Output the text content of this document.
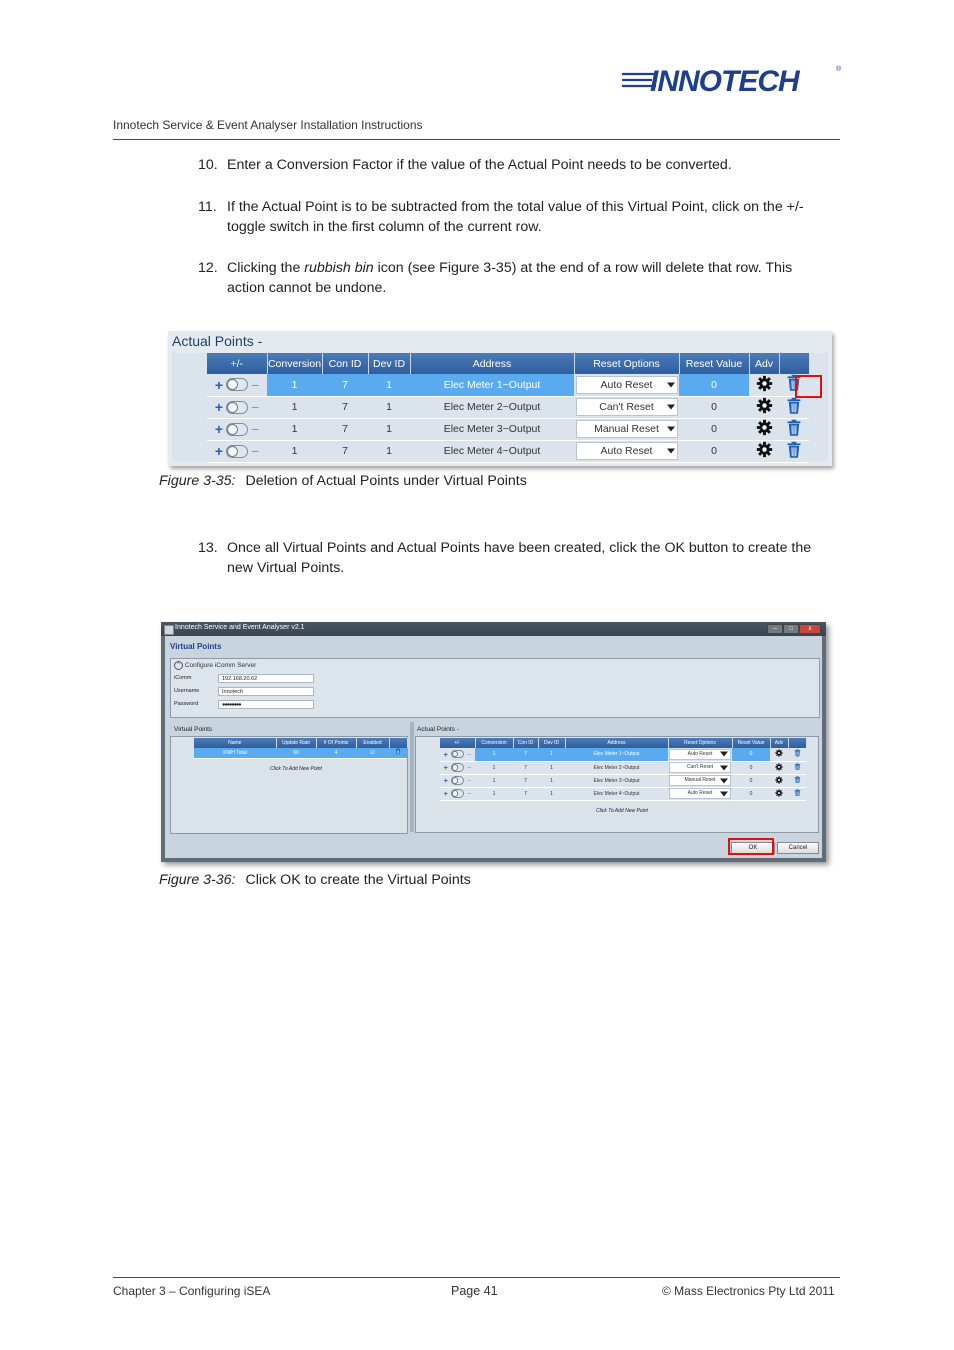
INNOTECH	®
Innotech Service & Event Analyser Installation Instructions
10. Enter a Conversion Factor if the value of the Actual Point needs to be converted.
11. If the Actual Point is to be subtracted from the total value of this Virtual Point, click on the +/- toggle switch in the first column of the current row.
12. Clicking the rubbish bin icon (see Figure 3-35) at the end of a row will delete that row. This action cannot be undone.
Actual Points -
	+/-	Conversion	Con ID	Dev ID	Address	Reset Options	Reset Value	Adv		

	+ −	1	7	1	Elec Meter 1~Output	Auto Reset	0			

	+ −	1	7	1	Elec Meter 2~Output	Can't Reset	0			

	+ −	1	7	1	Elec Meter 3~Output	Manual Reset	0			

	+ −	1	7	1	Elec Meter 4~Output	Auto Reset	0			
Figure 3-35: Deletion of Actual Points under Virtual Points
13. Once all Virtual Points and Actual Points have been created, click the OK button to create the new Virtual Points.
Innotech Service and Event Analyser v2.1	–	□	x
Virtual Points
^ Configure iComm Server
iComm	192.168.20.62
Username	Innotech
Password	●●●●●●●●
Virtual Points
	Name	Update Rate	# Of Points	Enabled	
	KWH Total	60	4	☑	
Click To Add New Point
Actual Points -
	+/-	Conversion	Con ID	Dev ID	Address	Reset Options	Reset Value	Adv		

	+ −	1	7	1	Elec Meter 1~Output	Auto Reset	0			

	+ −	1	7	1	Elec Meter 2~Output	Can't Reset	0			

	+ −	1	7	1	Elec Meter 3~Output	Manual Reset	0			

	+ −	1	7	1	Elec Meter 4~Output	Auto Reset	0			
Click To Add New Point
OK	Cancel
Figure 3-36: Click OK to create the Virtual Points
Chapter 3 – Configuring iSEA	Page 41	© Mass Electronics Pty Ltd 2011
